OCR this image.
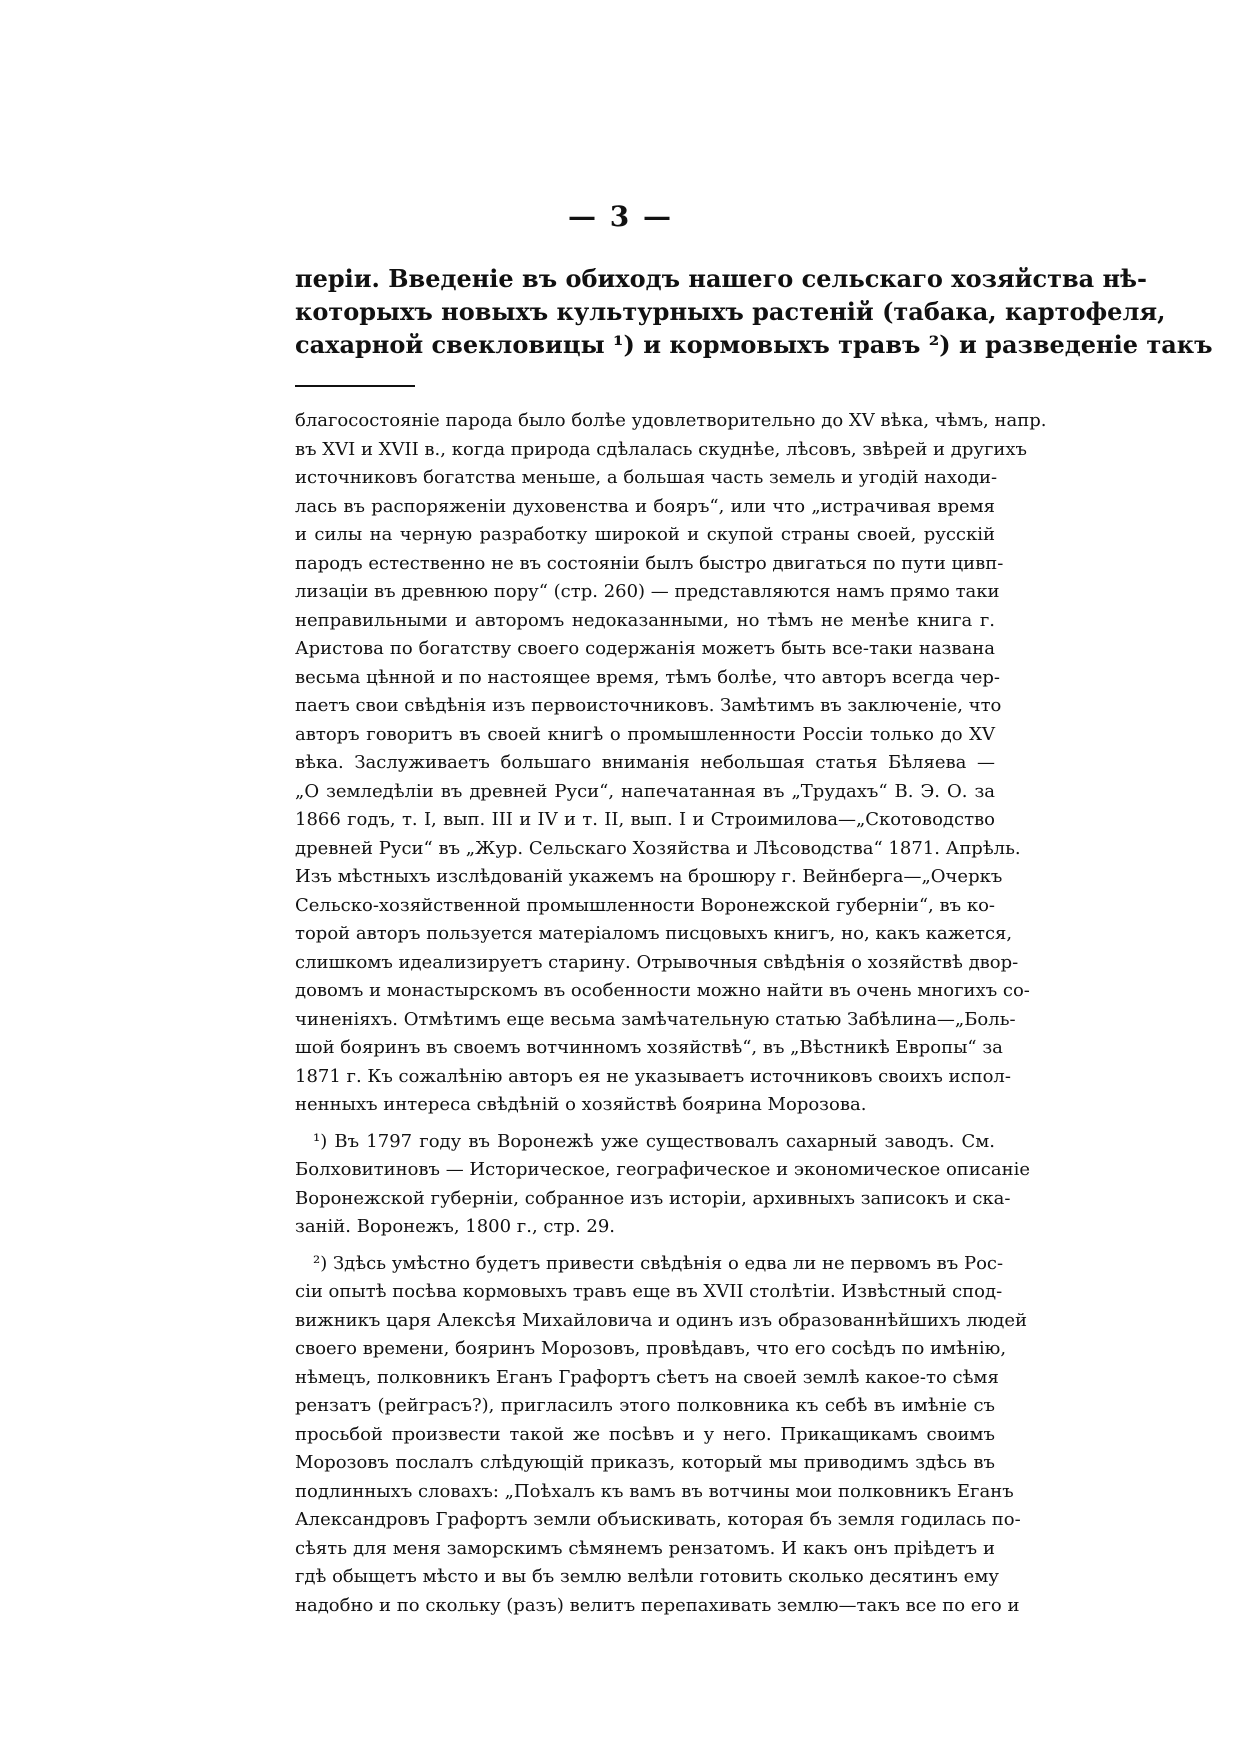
— 3 —
періи. Введеніе въ обиходъ нашего сельскаго хозяйства нѣ-
которыхъ новыхъ культурныхъ растеній (табака, картофеля,
сахарной свекловицы ¹) и кормовыхъ травъ ²) и разведеніе такъ
благосостояніе парода было болѣе удовлетворительно до XV вѣка, чѣмъ, напр.
въ XVI и XVII в., когда природа сдѣлалась скуднѣе, лѣсовъ, звѣрей и другихъ
источниковъ богатства меньше, а большая часть земель и угодій находи-
лась въ распоряженіи духовенства и бояръ“, или что „истрачивая время
и силы на черную разработку широкой и скупой страны своей, русскій
пародъ естественно не въ состояніи былъ быстро двигаться по пути цивп-
лизаціи въ древнюю пору“ (стр. 260) — представляются намъ прямо таки
неправильными и авторомъ недоказанными, но тѣмъ не менѣе книга г.
Аристова по богатству своего содержанія можетъ быть все-таки названа
весьма цѣнной и по настоящее время, тѣмъ болѣе, что авторъ всегда чер-
паетъ свои свѣдѣнія изъ первоисточниковъ. Замѣтимъ въ заключеніе, что
авторъ говоритъ въ своей книгѣ о промышленности Россіи только до XV
вѣка. Заслуживаетъ большаго вниманія небольшая статья Бѣляева —
„О земледѣліи въ древней Руси“, напечатанная въ „Трудахъ“ В. Э. О. за
1866 годъ, т. I, вып. III и IV и т. II, вып. I и Строимилова—„Скотоводство
древней Руси“ въ „Жур. Сельскаго Хозяйства и Лѣсоводства“ 1871. Апрѣль.
Изъ мѣстныхъ изслѣдованій укажемъ на брошюру г. Вейнберга—„Очеркъ
Сельско-хозяйственной промышленности Воронежской губерніи“, въ ко-
торой авторъ пользуется матеріаломъ писцовыхъ книгъ, но, какъ кажется,
слишкомъ идеализируетъ старину. Отрывочныя свѣдѣнія о хозяйствѣ двор-
довомъ и монастырскомъ въ особенности можно найти въ очень многихъ со-
чиненіяхъ. Отмѣтимъ еще весьма замѣчательную статью Забѣлина—„Боль-
шой бояринъ въ своемъ вотчинномъ хозяйствѣ“, въ „Вѣстникѣ Европы“ за
1871 г. Къ сожалѣнію авторъ ея не указываетъ источниковъ своихъ испол-
ненныхъ интереса свѣдѣній о хозяйствѣ боярина Морозова.
¹) Въ 1797 году въ Воронежѣ уже существовалъ сахарный заводъ. См.
Болховитиновъ — Историческое, географическое и экономическое описаніе
Воронежской губерніи, собранное изъ исторіи, архивныхъ записокъ и ска-
заній. Воронежъ, 1800 г., стр. 29.
²) Здѣсь умѣстно будетъ привести свѣдѣнія о едва ли не первомъ въ Рос-
сіи опытѣ посѣва кормовыхъ травъ еще въ XVII столѣтіи. Извѣстный спод-
вижникъ царя Алексѣя Михайловича и одинъ изъ образованнѣйшихъ людей
своего времени, бояринъ Морозовъ, провѣдавъ, что его сосѣдъ по имѣнію,
нѣмецъ, полковникъ Еганъ Графортъ сѣетъ на своей землѣ какое-то сѣмя
рензатъ (рейграсъ?), пригласилъ этого полковника къ себѣ въ имѣніе съ
просьбой произвести такой же посѣвъ и у него. Прикащикамъ своимъ
Морозовъ послалъ слѣдующій приказъ, который мы приводимъ здѣсь въ
подлинныхъ словахъ: „Поѣхалъ къ вамъ въ вотчины мои полковникъ Еганъ
Александровъ Графортъ земли объискивать, которая бъ земля годилась по-
сѣять для меня заморскимъ сѣмянемъ рензатомъ. И какъ онъ пріѣдетъ и
гдѣ обыщетъ мѣсто и вы бъ землю велѣли готовить сколько десятинъ ему
надобно и по скольку (разъ) велитъ перепахивать землю—такъ все по его и
